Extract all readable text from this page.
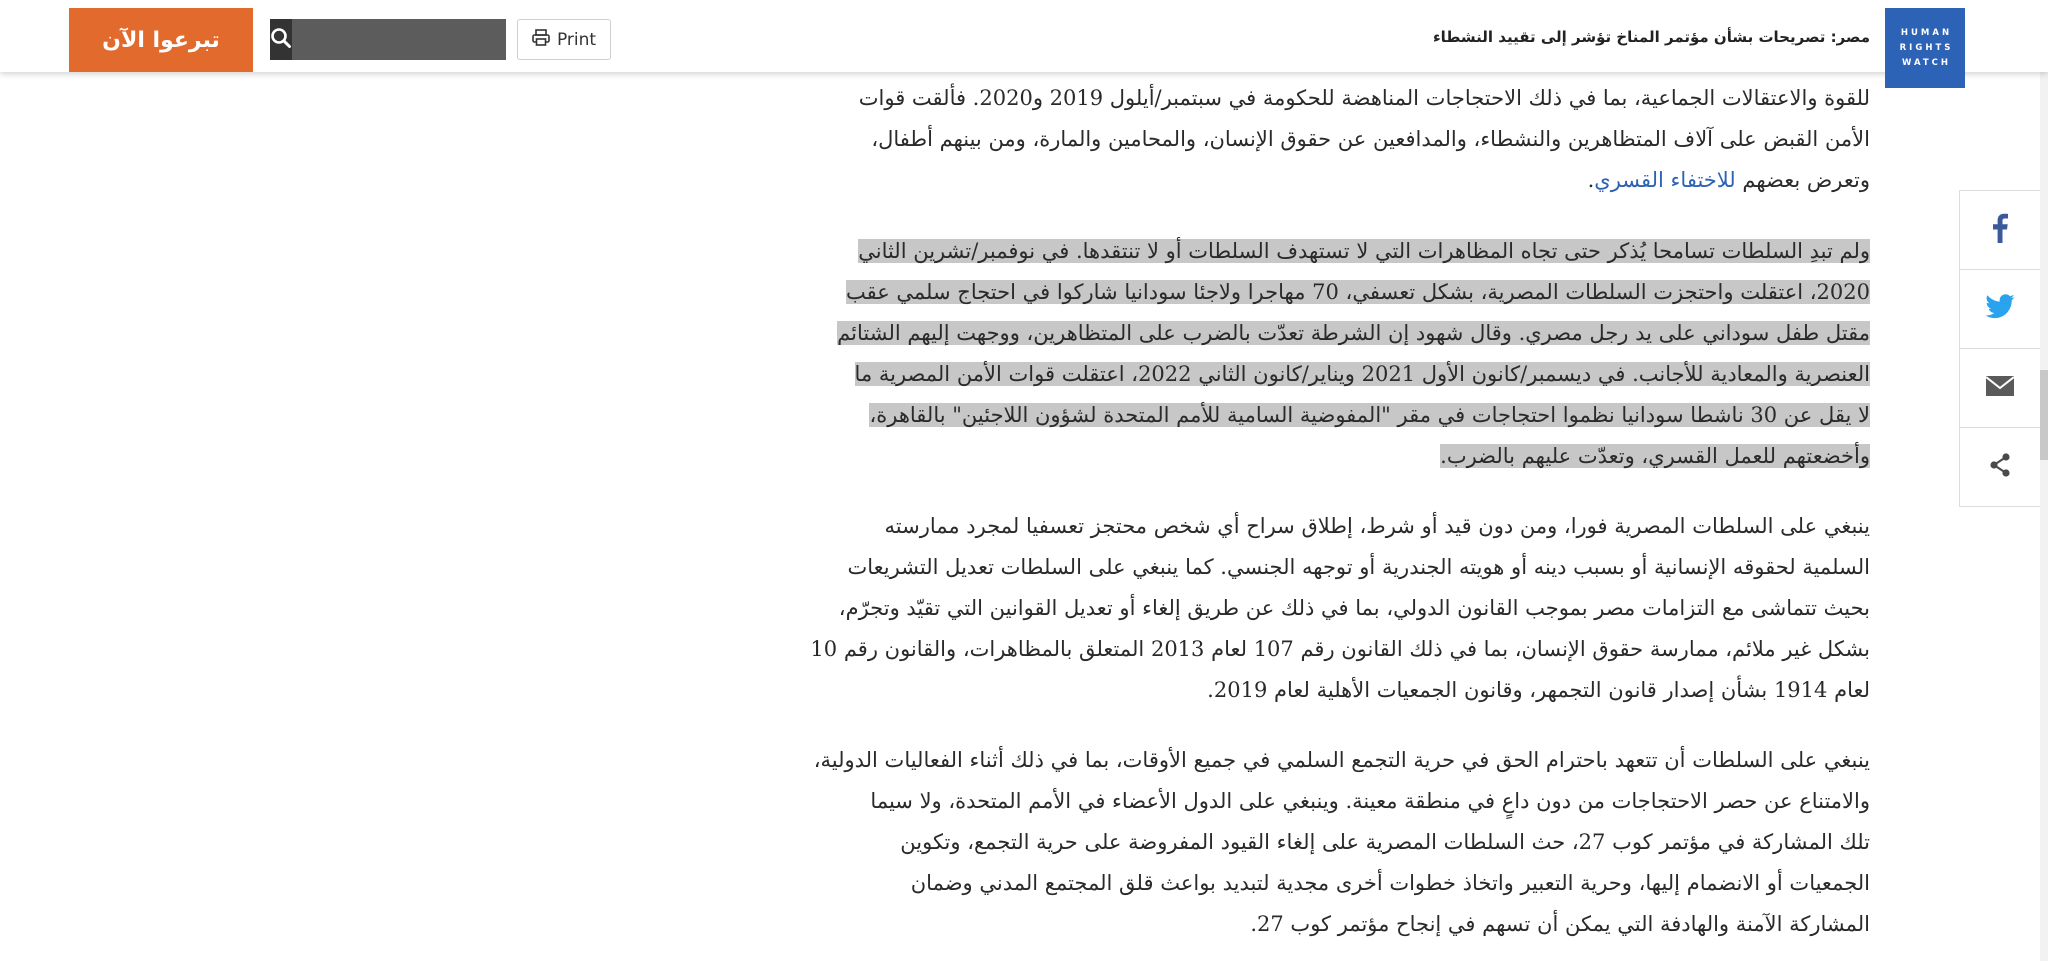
تبرعوا الآن	Print	مصر: تصريحات بشأن مؤتمر المناخ تؤشر إلى تقييد النشطاء	HUMAN
RIGHTS
WATCH
للقوة والاعتقالات الجماعية، بما في ذلك الاحتجاجات المناهضة للحكومة في سبتمبر/أيلول 2019 و2020. فألقت قوات
الأمن القبض على آلاف المتظاهرين والنشطاء، والمدافعين عن حقوق الإنسان، والمحامين والمارة، ومن بينهم أطفال،
وتعرض بعضهم للاختفاء القسري.
ولم تبدِ السلطات تسامحا يُذكر حتى تجاه المظاهرات التي لا تستهدف السلطات أو لا تنتقدها. في نوفمبر/تشرين الثاني
2020، اعتقلت واحتجزت السلطات المصرية، بشكل تعسفي، 70 مهاجرا ولاجئا سودانيا شاركوا في احتجاج سلمي عقب
مقتل طفل سوداني على يد رجل مصري. وقال شهود إن الشرطة تعدّت بالضرب على المتظاهرين، ووجهت إليهم الشتائم
العنصرية والمعادية للأجانب. في ديسمبر/كانون الأول 2021 ويناير/كانون الثاني 2022، اعتقلت قوات الأمن المصرية ما
لا يقل عن 30 ناشطا سودانيا نظموا احتجاجات في مقر "المفوضية السامية للأمم المتحدة لشؤون اللاجئين" بالقاهرة،
وأخضعتهم للعمل القسري، وتعدّت عليهم بالضرب.
ينبغي على السلطات المصرية فورا، ومن دون قيد أو شرط، إطلاق سراح أي شخص محتجز تعسفيا لمجرد ممارسته
السلمية لحقوقه الإنسانية أو بسبب دينه أو هويته الجندرية أو توجهه الجنسي. كما ينبغي على السلطات تعديل التشريعات
بحيث تتماشى مع التزامات مصر بموجب القانون الدولي، بما في ذلك عن طريق إلغاء أو تعديل القوانين التي تقيّد وتجرّم،
بشكل غير ملائم، ممارسة حقوق الإنسان، بما في ذلك القانون رقم 107 لعام 2013 المتعلق بالمظاهرات، والقانون رقم 10
لعام 1914 بشأن إصدار قانون التجمهر، وقانون الجمعيات الأهلية لعام 2019.
ينبغي على السلطات أن تتعهد باحترام الحق في حرية التجمع السلمي في جميع الأوقات، بما في ذلك أثناء الفعاليات الدولية،
والامتناع عن حصر الاحتجاجات من دون داعٍ في منطقة معينة. وينبغي على الدول الأعضاء في الأمم المتحدة، ولا سيما
تلك المشاركة في مؤتمر كوب 27، حث السلطات المصرية على إلغاء القيود المفروضة على حرية التجمع، وتكوين
الجمعيات أو الانضمام إليها، وحرية التعبير واتخاذ خطوات أخرى مجدية لتبديد بواعث قلق المجتمع المدني وضمان
المشاركة الآمنة والهادفة التي يمكن أن تسهم في إنجاح مؤتمر كوب 27.
